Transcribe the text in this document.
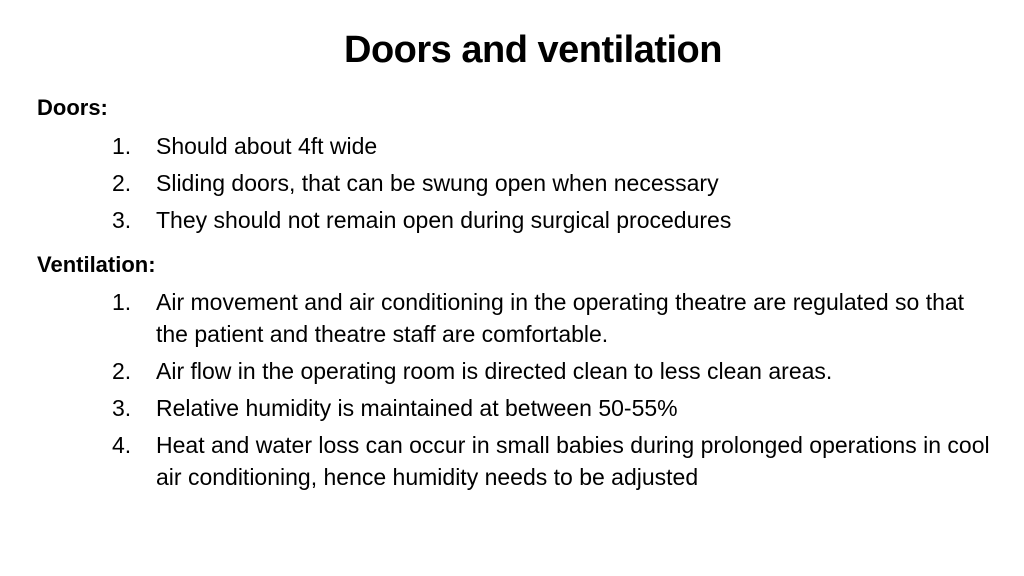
Doors and ventilation
Doors:
1.	Should about 4ft wide
2.	Sliding doors, that can be swung open when necessary
3.	They should not remain open during surgical procedures
Ventilation:
1.	Air movement and air conditioning in the operating theatre are regulated so that the patient and theatre staff are comfortable.
2.	Air flow in the operating room is directed clean to less clean areas.
3.	Relative humidity is maintained at between 50-55%
4.	Heat and water loss can occur in small babies during prolonged operations in cool air conditioning, hence humidity needs to be adjusted
